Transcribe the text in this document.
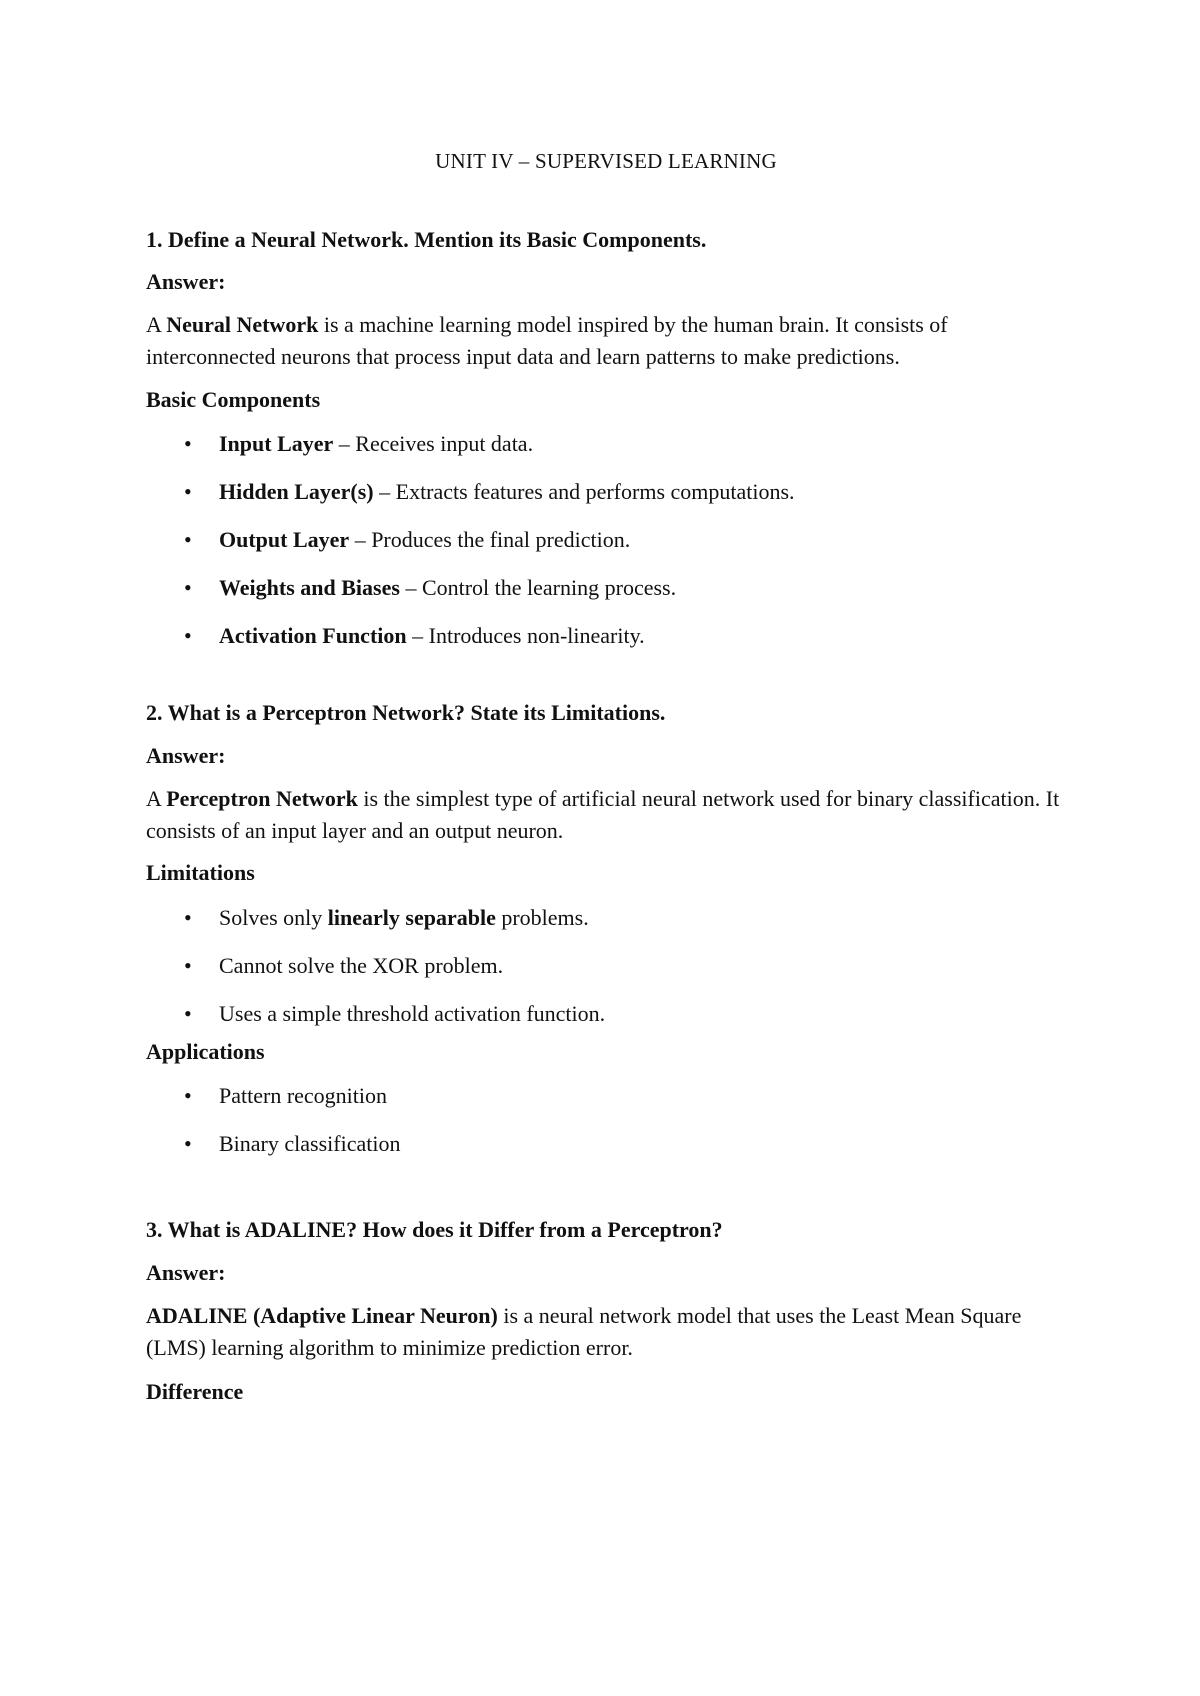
UNIT IV – SUPERVISED LEARNING
1. Define a Neural Network. Mention its Basic Components.
Answer:

A Neural Network is a machine learning model inspired by the human brain. It consists of interconnected neurons that process input data and learn patterns to make predictions.

Basic Components
• Input Layer – Receives input data.
• Hidden Layer(s) – Extracts features and performs computations.
• Output Layer – Produces the final prediction.
• Weights and Biases – Control the learning process.
• Activation Function – Introduces non-linearity.
2. What is a Perceptron Network? State its Limitations.
Answer:

A Perceptron Network is the simplest type of artificial neural network used for binary classification. It consists of an input layer and an output neuron.

Limitations
• Solves only linearly separable problems.
• Cannot solve the XOR problem.
• Uses a simple threshold activation function.
Applications
• Pattern recognition
• Binary classification
3. What is ADALINE? How does it Differ from a Perceptron?
Answer:

ADALINE (Adaptive Linear Neuron) is a neural network model that uses the Least Mean Square (LMS) learning algorithm to minimize prediction error.

Difference
